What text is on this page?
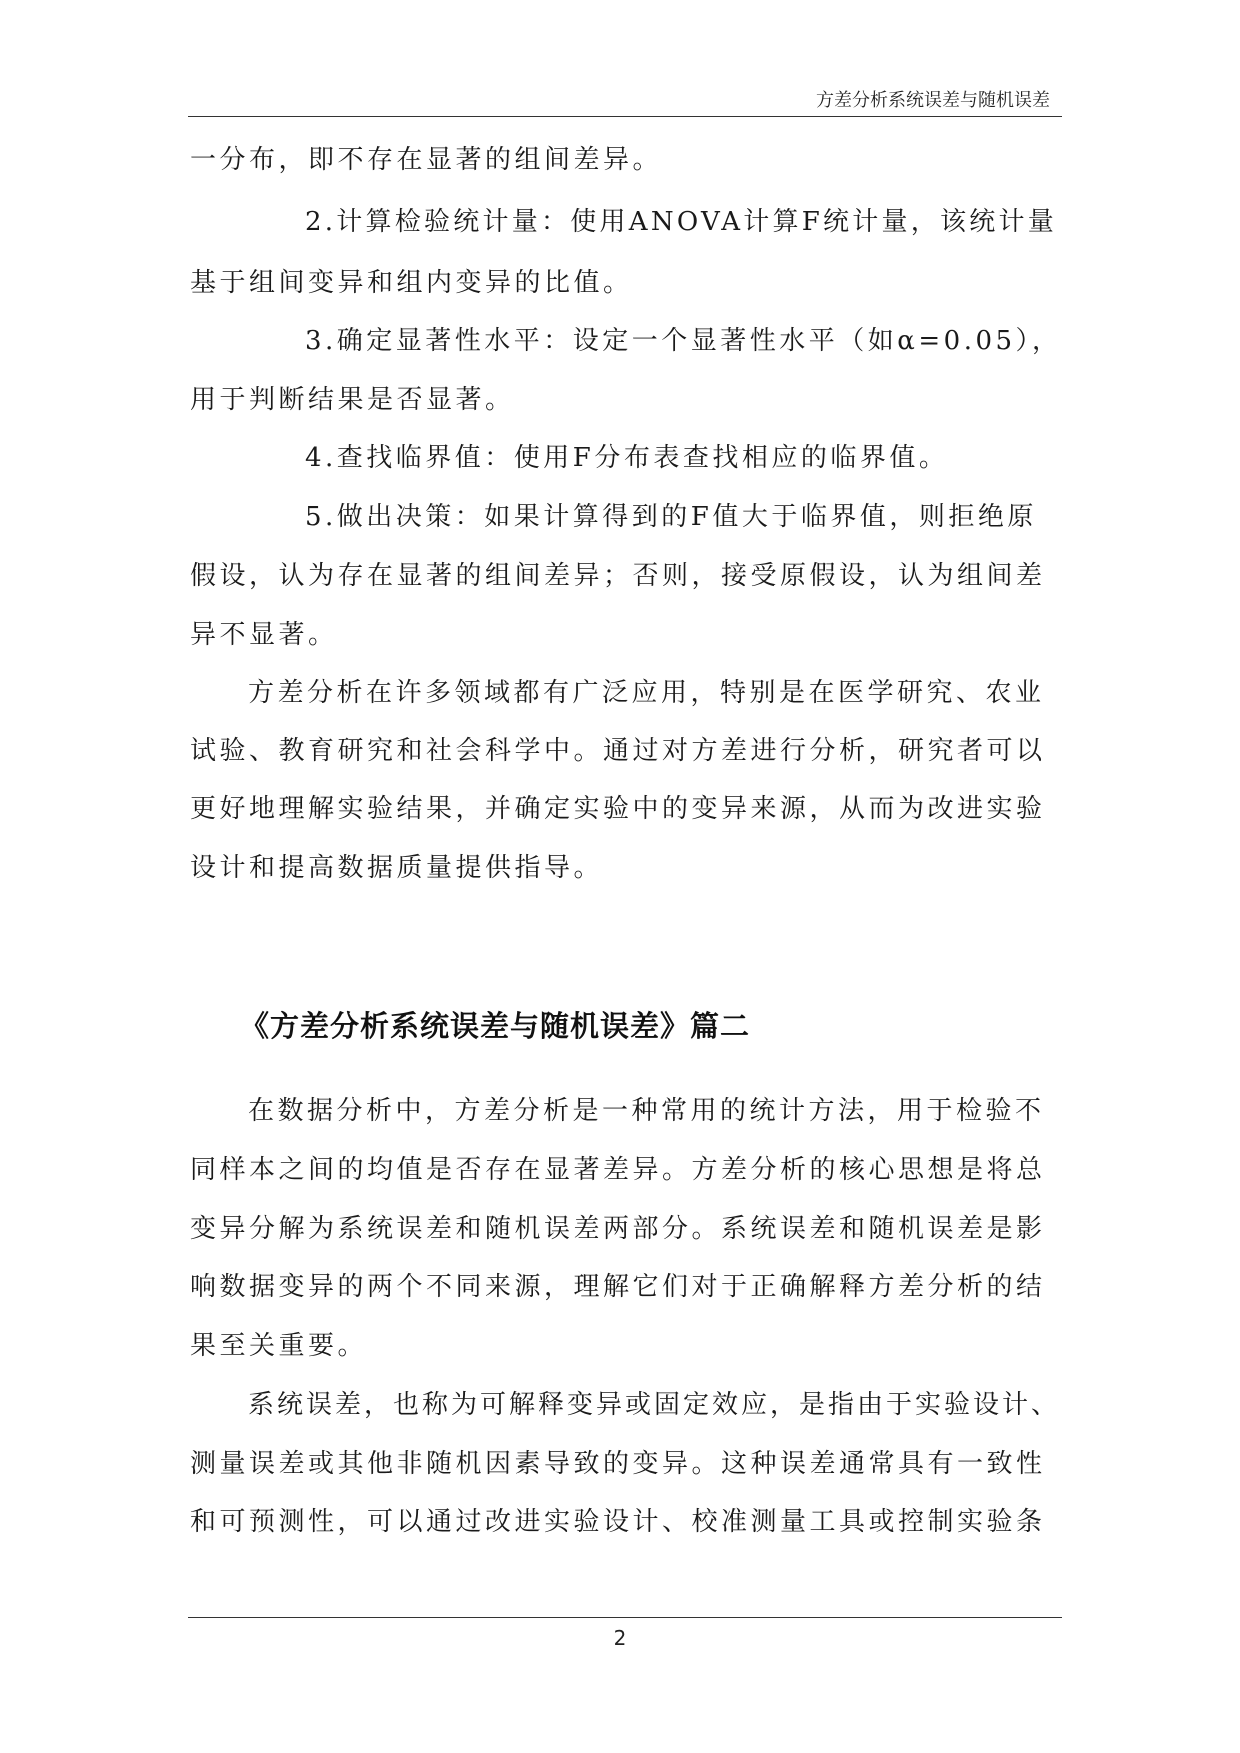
方差分析系统误差与随机误差
一分布，即不存在显著的组间差异。
2.计算检验统计量：使用ANOVA计算F统计量，该统计量
基于组间变异和组内变异的比值。
3.确定显著性水平：设定一个显著性水平（如α=0.05），
用于判断结果是否显著。
4.查找临界值：使用F分布表查找相应的临界值。
5.做出决策：如果计算得到的F值大于临界值，则拒绝原
假设，认为存在显著的组间差异；否则，接受原假设，认为组间差
异不显著。
方差分析在许多领域都有广泛应用，特别是在医学研究、农业
试验、教育研究和社会科学中。通过对方差进行分析，研究者可以
更好地理解实验结果，并确定实验中的变异来源，从而为改进实验
设计和提高数据质量提供指导。
《方差分析系统误差与随机误差》篇二
在数据分析中，方差分析是一种常用的统计方法，用于检验不
同样本之间的均值是否存在显著差异。方差分析的核心思想是将总
变异分解为系统误差和随机误差两部分。系统误差和随机误差是影
响数据变异的两个不同来源，理解它们对于正确解释方差分析的结
果至关重要。
系统误差，也称为可解释变异或固定效应，是指由于实验设计、
测量误差或其他非随机因素导致的变异。这种误差通常具有一致性
和可预测性，可以通过改进实验设计、校准测量工具或控制实验条
2
